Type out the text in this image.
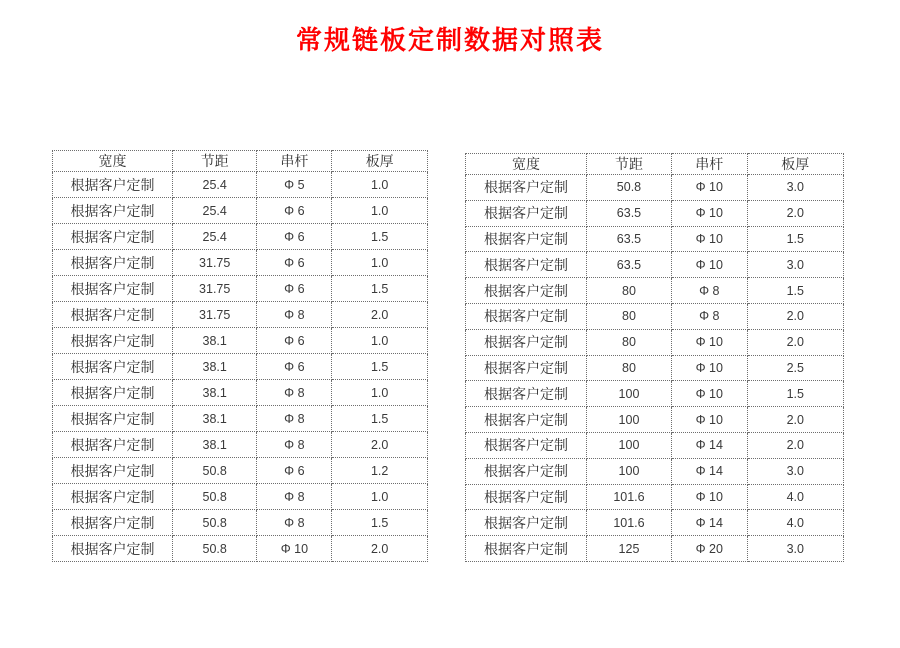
常规链板定制数据对照表
宽度	节距	串杆	板厚
根据客户定制	25.4	Φ 5	1.0
根据客户定制	25.4	Φ 6	1.0
根据客户定制	25.4	Φ 6	1.5
根据客户定制	31.75	Φ 6	1.0
根据客户定制	31.75	Φ 6	1.5
根据客户定制	31.75	Φ 8	2.0
根据客户定制	38.1	Φ 6	1.0
根据客户定制	38.1	Φ 6	1.5
根据客户定制	38.1	Φ 8	1.0
根据客户定制	38.1	Φ 8	1.5
根据客户定制	38.1	Φ 8	2.0
根据客户定制	50.8	Φ 6	1.2
根据客户定制	50.8	Φ 8	1.0
根据客户定制	50.8	Φ 8	1.5
根据客户定制	50.8	Φ 10	2.0
宽度	节距	串杆	板厚
根据客户定制	50.8	Φ 10	3.0
根据客户定制	63.5	Φ 10	2.0
根据客户定制	63.5	Φ 10	1.5
根据客户定制	63.5	Φ 10	3.0
根据客户定制	80	Φ 8	1.5
根据客户定制	80	Φ 8	2.0
根据客户定制	80	Φ 10	2.0
根据客户定制	80	Φ 10	2.5
根据客户定制	100	Φ 10	1.5
根据客户定制	100	Φ 10	2.0
根据客户定制	100	Φ 14	2.0
根据客户定制	100	Φ 14	3.0
根据客户定制	101.6	Φ 10	4.0
根据客户定制	101.6	Φ 14	4.0
根据客户定制	125	Φ 20	3.0
